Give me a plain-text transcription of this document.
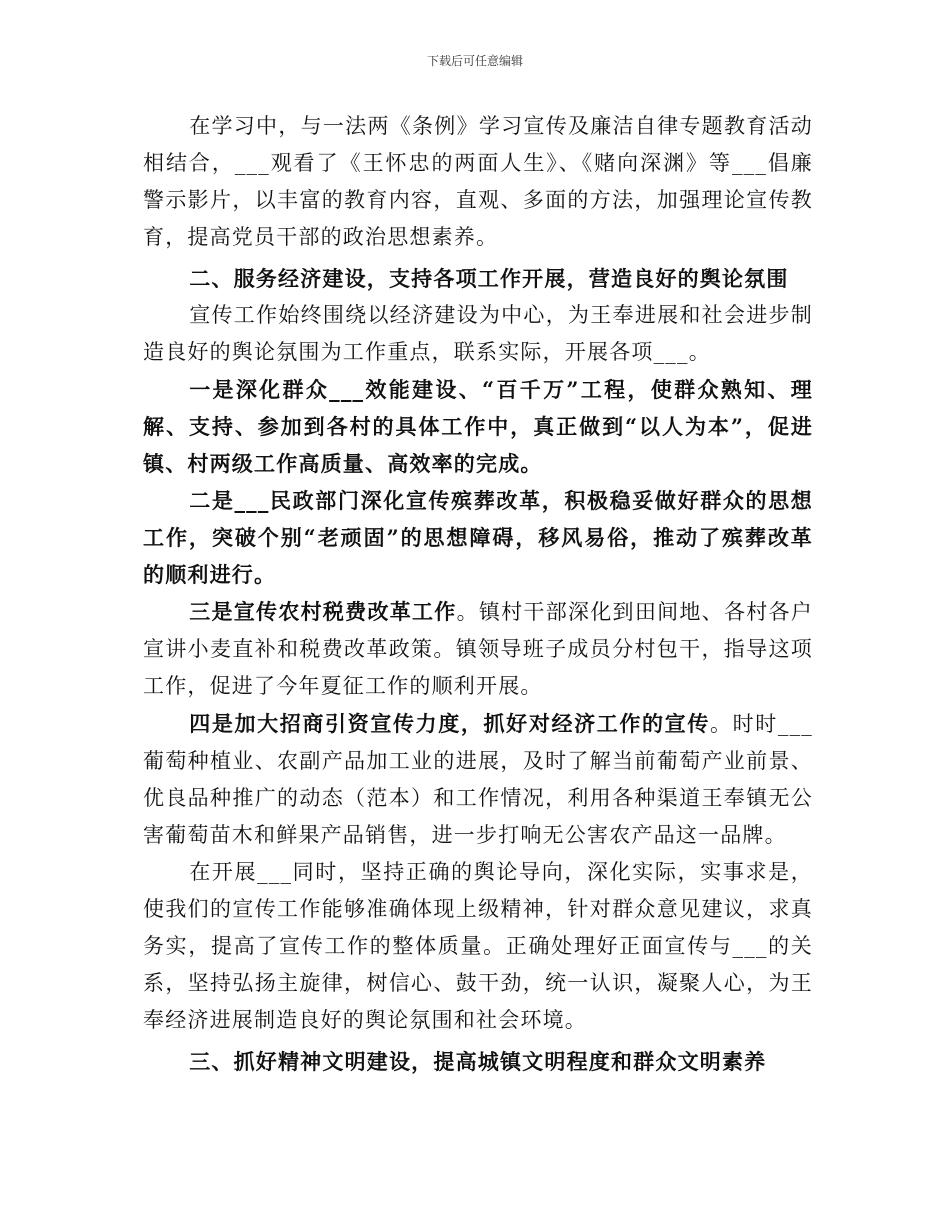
下载后可任意编辑

在学习中，与一法两《条例》学习宣传及廉洁自律专题教育活动相结合，___观看了《王怀忠的两面人生》、《赌向深渊》等___倡廉警示影片，以丰富的教育内容，直观、多面的方法，加强理论宣传教育，提高党员干部的政治思想素养。

二、服务经济建设，支持各项工作开展，营造良好的舆论氛围

宣传工作始终围绕以经济建设为中心，为王奉进展和社会进步制造良好的舆论氛围为工作重点，联系实际，开展各项___。

一是深化群众___效能建设、“百千万”工程，使群众熟知、理解、支持、参加到各村的具体工作中，真正做到“以人为本”，促进镇、村两级工作高质量、高效率的完成。

二是___民政部门深化宣传殡葬改革，积极稳妥做好群众的思想工作，突破个别“老顽固”的思想障碍，移风易俗，推动了殡葬改革的顺利进行。

三是宣传农村税费改革工作。镇村干部深化到田间地、各村各户宣讲小麦直补和税费改革政策。镇领导班子成员分村包干，指导这项工作，促进了今年夏征工作的顺利开展。

四是加大招商引资宣传力度，抓好对经济工作的宣传。时时___葡萄种植业、农副产品加工业的进展，及时了解当前葡萄产业前景、优良品种推广的动态（范本）和工作情况，利用各种渠道王奉镇无公害葡萄苗木和鲜果产品销售，进一步打响无公害农产品这一品牌。

在开展___同时，坚持正确的舆论导向，深化实际，实事求是，使我们的宣传工作能够准确体现上级精神，针对群众意见建议，求真务实，提高了宣传工作的整体质量。正确处理好正面宣传与___的关系，坚持弘扬主旋律，树信心、鼓干劲，统一认识，凝聚人心，为王奉经济进展制造良好的舆论氛围和社会环境。

三、抓好精神文明建设，提高城镇文明程度和群众文明素养
